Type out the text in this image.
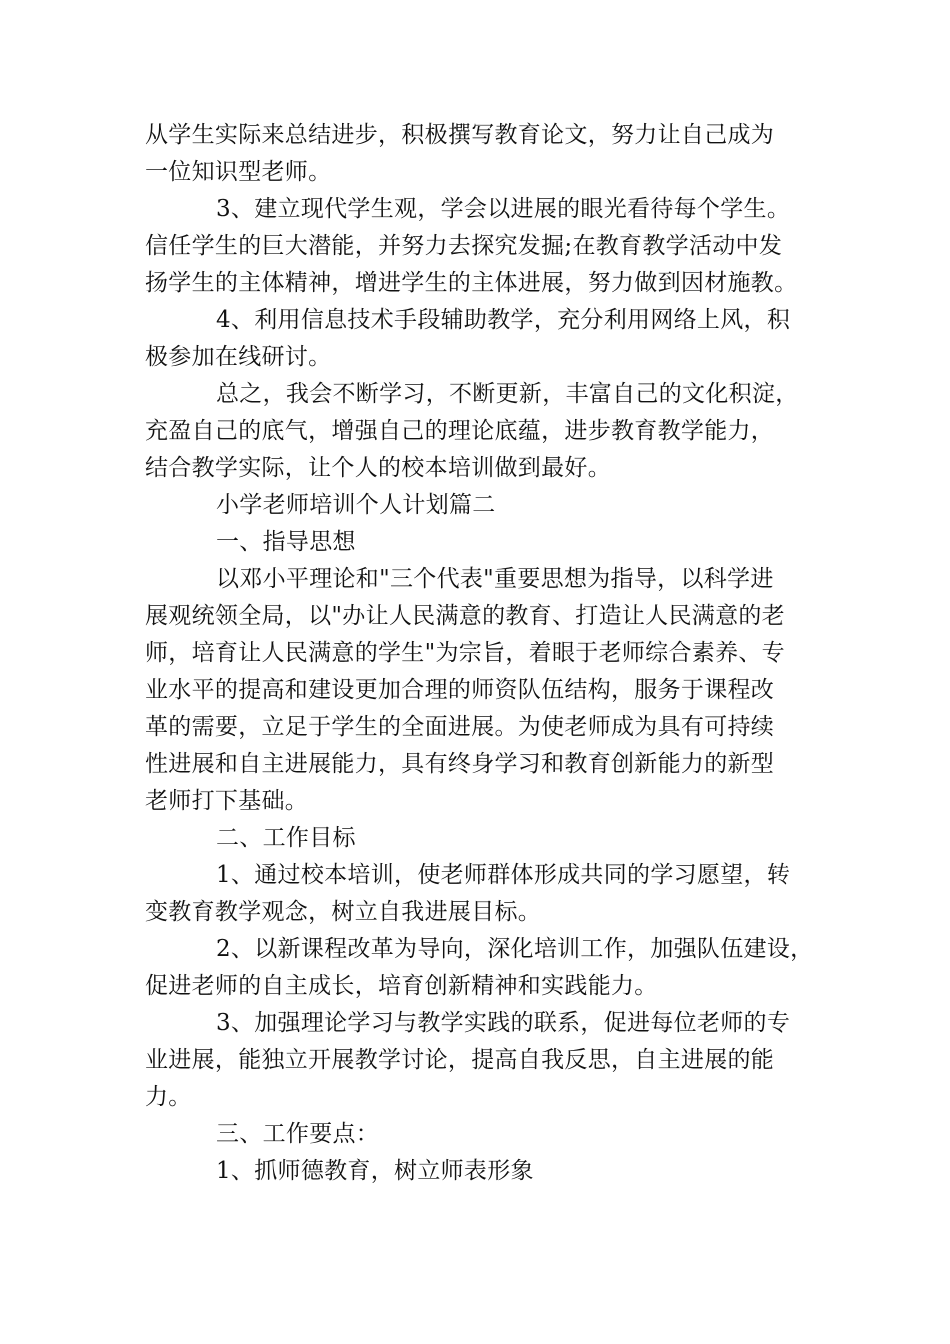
从学生实际来总结进步，积极撰写教育论文，努力让自己成为
一位知识型老师。
3、建立现代学生观，学会以进展的眼光看待每个学生。
信任学生的巨大潜能，并努力去探究发掘;在教育教学活动中发
扬学生的主体精神，增进学生的主体进展，努力做到因材施教。
4、利用信息技术手段辅助教学，充分利用网络上风，积
极参加在线研讨。
总之，我会不断学习，不断更新，丰富自己的文化积淀，
充盈自己的底气，增强自己的理论底蕴，进步教育教学能力，
结合教学实际，让个人的校本培训做到最好。
小学老师培训个人计划篇二
一、指导思想
以邓小平理论和"三个代表"重要思想为指导，以科学进
展观统领全局，以"办让人民满意的教育、打造让人民满意的老
师，培育让人民满意的学生"为宗旨，着眼于老师综合素养、专
业水平的提高和建设更加合理的师资队伍结构，服务于课程改
革的需要，立足于学生的全面进展。为使老师成为具有可持续
性进展和自主进展能力，具有终身学习和教育创新能力的新型
老师打下基础。
二、工作目标
1、通过校本培训，使老师群体形成共同的学习愿望，转
变教育教学观念，树立自我进展目标。
2、以新课程改革为导向，深化培训工作，加强队伍建设，
促进老师的自主成长，培育创新精神和实践能力。
3、加强理论学习与教学实践的联系，促进每位老师的专
业进展，能独立开展教学讨论，提高自我反思，自主进展的能
力。
三、工作要点：
1、抓师德教育，树立师表形象
